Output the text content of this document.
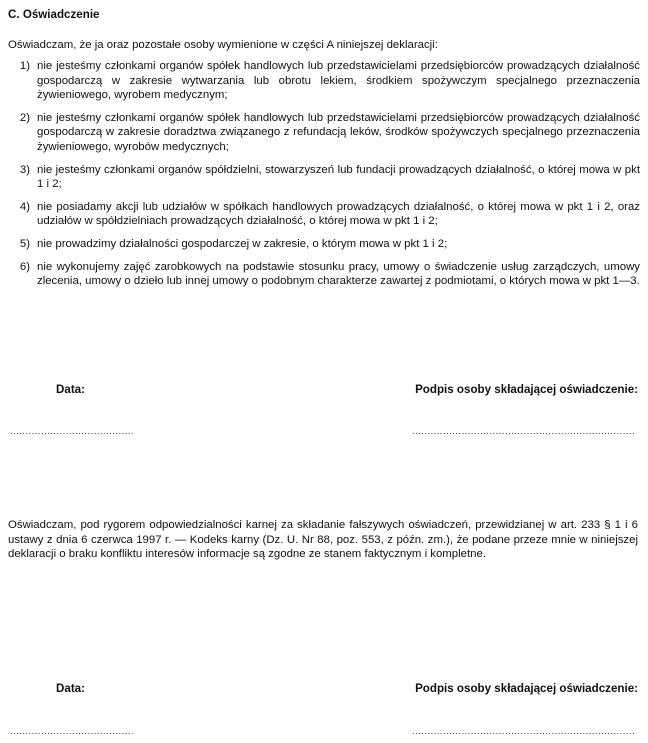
C. Oświadczenie
Oświadczam, że ja oraz pozostałe osoby wymienione w części A niniejszej deklaracji:
1) nie jesteśmy członkami organów spółek handlowych lub przedstawicielami przedsiębiorców prowadzących działalność gospodarczą w zakresie wytwarzania lub obrotu lekiem, środkiem spożywczym specjalnego przeznaczenia żywieniowego, wyrobem medycznym;
2) nie jesteśmy członkami organów spółek handlowych lub przedstawicielami przedsiębiorców prowadzących działalność gospodarczą w zakresie doradztwa związanego z refundacją leków, środków spożywczych specjalnego przeznaczenia żywieniowego, wyrobów medycznych;
3) nie jesteśmy członkami organów spółdzielni, stowarzyszeń lub fundacji prowadzących działalność, o której mowa w pkt 1 i 2;
4) nie posiadamy akcji lub udziałów w spółkach handlowych prowadzących działalność, o której mowa w pkt 1 i 2, oraz udziałów w spółdzielniach prowadzących działalność, o której mowa w pkt 1 i 2;
5) nie prowadzimy działalności gospodarczej w zakresie, o którym mowa w pkt 1 i 2;
6) nie wykonujemy zajęć zarobkowych na podstawie stosunku pracy, umowy o świadczenie usług zarządczych, umowy zlecenia, umowy o dzieło lub innej umowy o podobnym charakterze zawartej z podmiotami, o których mowa w pkt 1—3.
Data:	Podpis osoby składającej oświadczenie:
.....
.....
Oświadczam, pod rygorem odpowiedzialności karnej za składanie fałszywych oświadczeń, przewidzianej w art. 233 § 1 i 6 ustawy z dnia 6 czerwca 1997 r. — Kodeks karny (Dz. U. Nr 88, poz. 553, z późn. zm.), że podane przeze mnie w niniejszej deklaracji o braku konfliktu interesów informacje są zgodne ze stanem faktycznym i kompletne.
Data:	Podpis osoby składającej oświadczenie:
.....
.....
